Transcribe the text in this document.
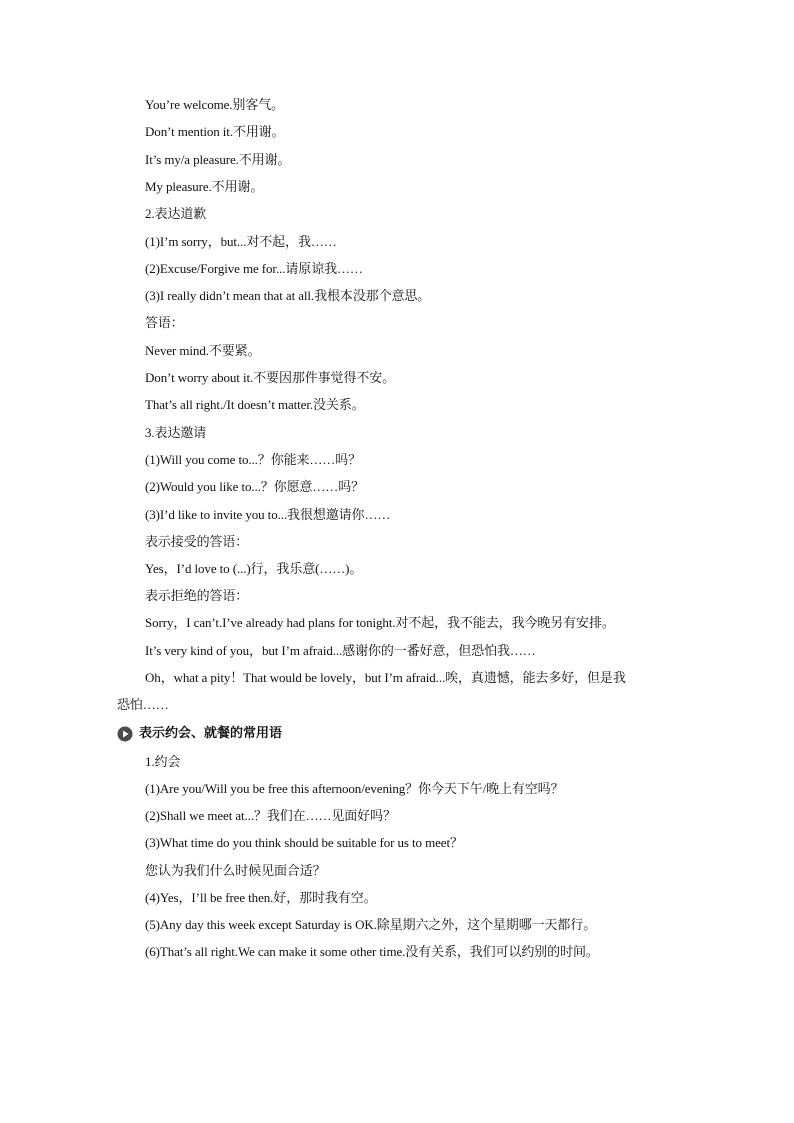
You’re welcome.别客气。
Don’t mention it.不用谢。
It’s my/a pleasure.不用谢。
My pleasure.不用谢。
2.表达道歉
(1)I’m sorry，but...对不起，我……
(2)Excuse/Forgive me for...请原谅我……
(3)I really didn’t mean that at all.我根本没那个意思。
答语：
Never mind.不要紧。
Don’t worry about it.不要因那件事觉得不安。
That’s all right./It doesn’t matter.没关系。
3.表达邀请
(1)Will you come to...？你能来……吗？
(2)Would you like to...？你愿意……吗？
(3)I’d like to invite you to...我很想邀请你……
表示接受的答语：
Yes，I’d love to (...)行，我乐意(……)。
表示拒绝的答语：
Sorry，I can’t.I’ve already had plans for tonight.对不起，我不能去，我今晚另有安排。
It’s very kind of you，but I’m afraid...感谢你的一番好意，但恐怕我……
Oh，what a pity！That would be lovely，but I’m afraid...唉，真遗憾，能去多好，但是我
恐怕……
表示约会、就餐的常用语
1.约会
(1)Are you/Will you be free this afternoon/evening？你今天下午/晚上有空吗？
(2)Shall we meet at...？我们在……见面好吗？
(3)What time do you think should be suitable for us to meet？
您认为我们什么时候见面合适？
(4)Yes，I’ll be free then.好，那时我有空。
(5)Any day this week except Saturday is OK.除星期六之外，这个星期哪一天都行。
(6)That’s all right.We can make it some other time.没有关系，我们可以约别的时间。
